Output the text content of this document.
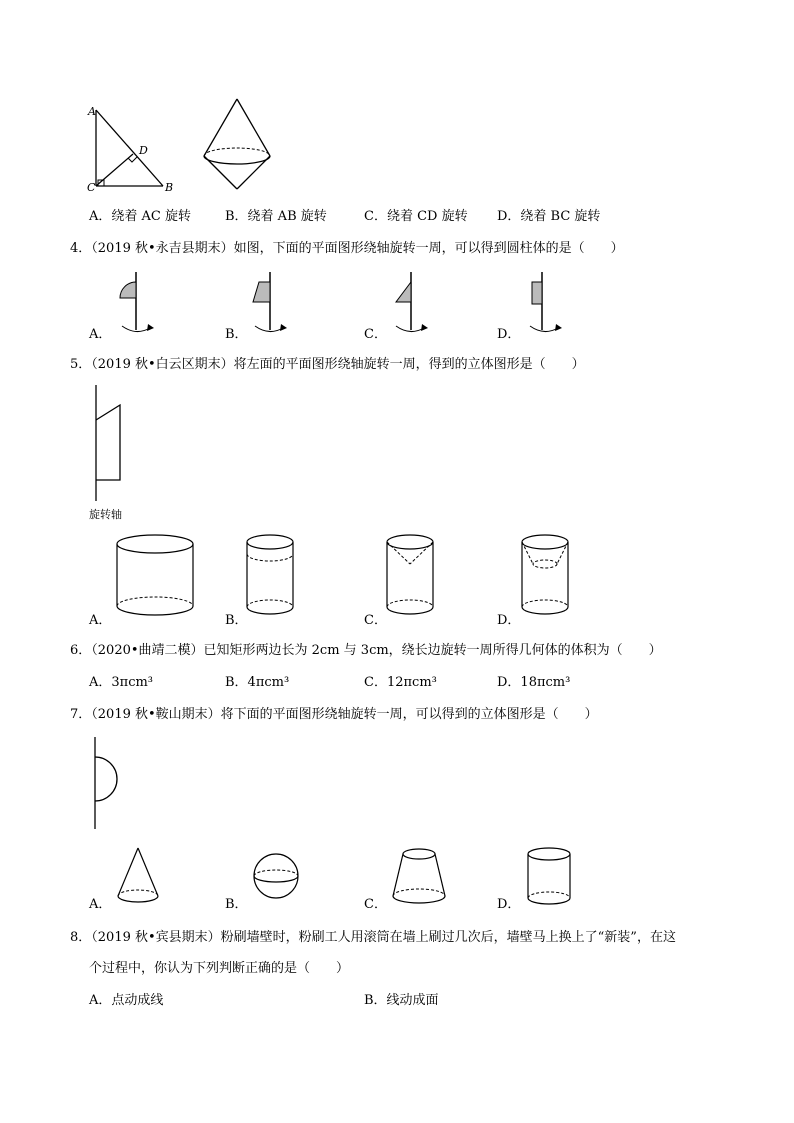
A
D
C	B
A．绕着 AC 旋转	B．绕着 AB 旋转	C．绕着 CD 旋转 D．绕着 BC 旋转
4．（2019 秋•永吉县期末）如图，下面的平面图形绕轴旋转一周，可以得到圆柱体的是（　　）
A．	B．	C．	D．
5．（2019 秋•白云区期末）将左面的平面图形绕轴旋转一周，得到的立体图形是（　　）
旋转轴
A．	B．	C．	D．
6．（2020•曲靖二模）已知矩形两边长为 2cm 与 3cm，绕长边旋转一周所得几何体的体积为（　　）
A．3πcm³	B．4πcm³	C．12πcm³	D．18πcm³
7．（2019 秋•鞍山期末）将下面的平面图形绕轴旋转一周，可以得到的立体图形是（　　）
A．	B．	C．	D．
8．（2019 秋•宾县期末）粉刷墙壁时，粉刷工人用滚筒在墙上刷过几次后，墙壁马上换上了“新装”，在这
个过程中，你认为下列判断正确的是（　　）
A．点动成线	B．线动成面
